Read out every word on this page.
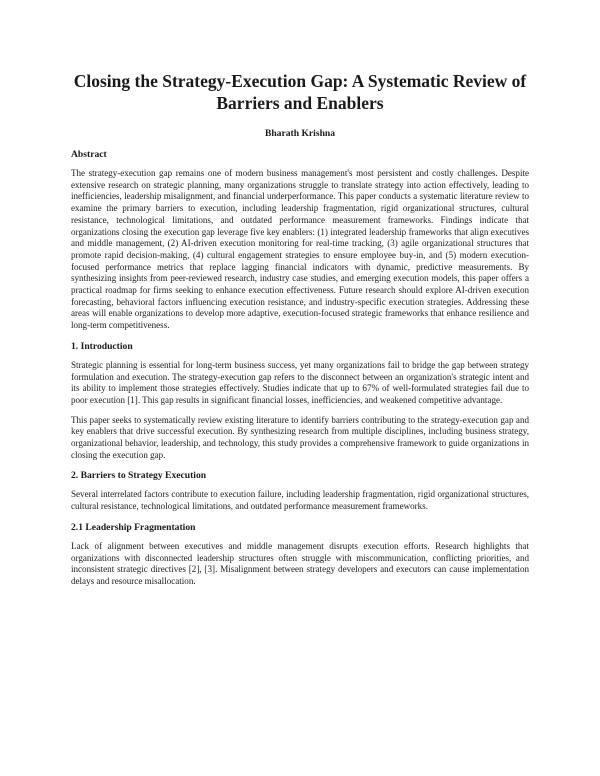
Closing the Strategy-Execution Gap: A Systematic Review of Barriers and Enablers
Bharath Krishna
Abstract

The strategy-execution gap remains one of modern business management's most persistent and costly challenges. Despite extensive research on strategic planning, many organizations struggle to translate strategy into action effectively, leading to inefficiencies, leadership misalignment, and financial underperformance. This paper conducts a systematic literature review to examine the primary barriers to execution, including leadership fragmentation, rigid organizational structures, cultural resistance, technological limitations, and outdated performance measurement frameworks. Findings indicate that organizations closing the execution gap leverage five key enablers: (1) integrated leadership frameworks that align executives and middle management, (2) AI-driven execution monitoring for real-time tracking, (3) agile organizational structures that promote rapid decision-making, (4) cultural engagement strategies to ensure employee buy-in, and (5) modern execution-focused performance metrics that replace lagging financial indicators with dynamic, predictive measurements. By synthesizing insights from peer-reviewed research, industry case studies, and emerging execution models, this paper offers a practical roadmap for firms seeking to enhance execution effectiveness. Future research should explore AI-driven execution forecasting, behavioral factors influencing execution resistance, and industry-specific execution strategies. Addressing these areas will enable organizations to develop more adaptive, execution-focused strategic frameworks that enhance resilience and long-term competitiveness.

1. Introduction

Strategic planning is essential for long-term business success, yet many organizations fail to bridge the gap between strategy formulation and execution. The strategy-execution gap refers to the disconnect between an organization's strategic intent and its ability to implement those strategies effectively. Studies indicate that up to 67% of well-formulated strategies fail due to poor execution [1]. This gap results in significant financial losses, inefficiencies, and weakened competitive advantage.

This paper seeks to systematically review existing literature to identify barriers contributing to the strategy-execution gap and key enablers that drive successful execution. By synthesizing research from multiple disciplines, including business strategy, organizational behavior, leadership, and technology, this study provides a comprehensive framework to guide organizations in closing the execution gap.

2. Barriers to Strategy Execution

Several interrelated factors contribute to execution failure, including leadership fragmentation, rigid organizational structures, cultural resistance, technological limitations, and outdated performance measurement frameworks.

2.1 Leadership Fragmentation

Lack of alignment between executives and middle management disrupts execution efforts. Research highlights that organizations with disconnected leadership structures often struggle with miscommunication, conflicting priorities, and inconsistent strategic directives [2], [3]. Misalignment between strategy developers and executors can cause implementation delays and resource misallocation.
